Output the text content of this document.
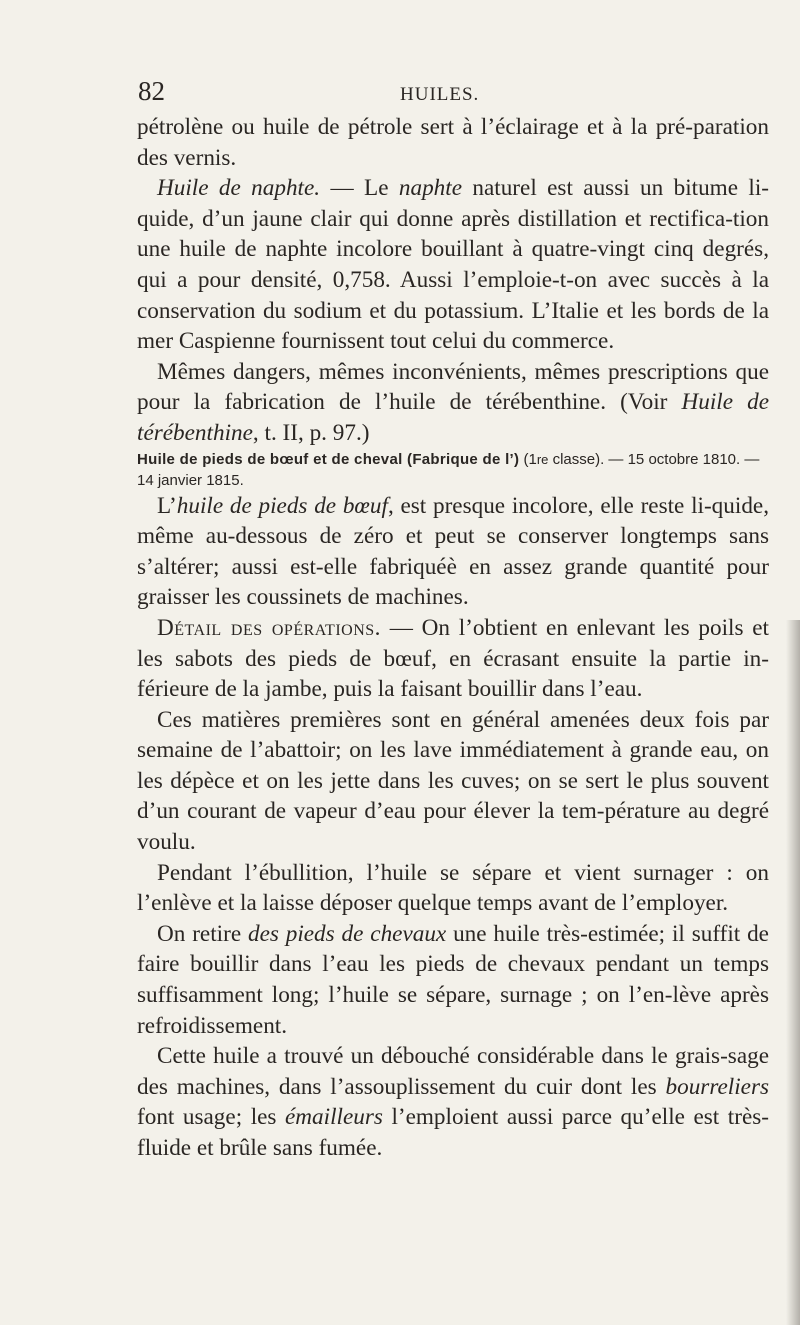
82	HUILES.

pétrolène ou huile de pétrole sert à l’éclairage et à la pré-paration des vernis.

Huile de naphte. — Le naphte naturel est aussi un bitume li-quide, d’un jaune clair qui donne après distillation et rectifica-tion une huile de naphte incolore bouillant à quatre-vingt cinq degrés, qui a pour densité, 0,758. Aussi l’emploie-t-on avec succès à la conservation du sodium et du potassium. L’Italie et les bords de la mer Caspienne fournissent tout celui du commerce.

Mêmes dangers, mêmes inconvénients, mêmes prescriptions que pour la fabrication de l’huile de térébenthine. (Voir Huile de térébenthine, t. II, p. 97.)

Huile de pieds de bœuf et de cheval (Fabrique de l’) (1re classe). — 15 octobre 1810. — 14 janvier 1815.

L’huile de pieds de bœuf, est presque incolore, elle reste li-quide, même au-dessous de zéro et peut se conserver longtemps sans s’altérer; aussi est-elle fabriquéè en assez grande quantité pour graisser les coussinets de machines.

Détail des opérations. — On l’obtient en enlevant les poils et les sabots des pieds de bœuf, en écrasant ensuite la partie in-férieure de la jambe, puis la faisant bouillir dans l’eau.

Ces matières premières sont en général amenées deux fois par semaine de l’abattoir; on les lave immédiatement à grande eau, on les dépèce et on les jette dans les cuves; on se sert le plus souvent d’un courant de vapeur d’eau pour élever la tem-pérature au degré voulu.

Pendant l’ébullition, l’huile se sépare et vient surnager : on l’enlève et la laisse déposer quelque temps avant de l’employer.

On retire des pieds de chevaux une huile très-estimée; il suffit de faire bouillir dans l’eau les pieds de chevaux pendant un temps suffisamment long; l’huile se sépare, surnage ; on l’en-lève après refroidissement.

Cette huile a trouvé un débouché considérable dans le grais-sage des machines, dans l’assouplissement du cuir dont les bourreliers font usage; les émailleurs l’emploient aussi parce qu’elle est très-fluide et brûle sans fumée.
